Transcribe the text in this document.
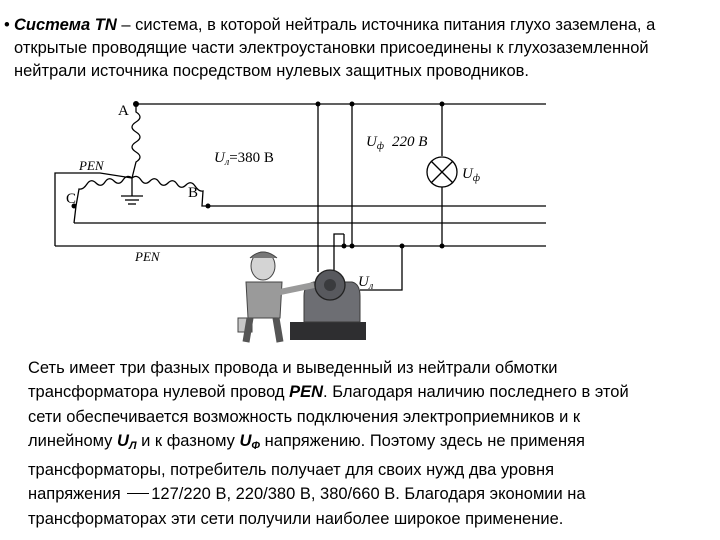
• Система TN – система, в которой нейтраль источника питания глухо заземлена, а
открытые проводящие части электроустановки присоединены к глухозаземленной
нейтрали источника посредством нулевых защитных проводников.
А
В
С
PEN
PEN
$U_л=380$ В
$U_ф$ 220 В
$U_ф$
$U_л$
Сеть имеет три фазных провода и выведенный из нейтрали обмотки
трансформатора нулевой провод PEN. Благодаря наличию последнего в этой
сети обеспечивается возможность подключения электроприемников и к
линейному $U_Л$ и к фазному $U_Ф$ напряжению. Поэтому здесь не применяя
трансформаторы, потребитель получает для своих нужд два уровня
напряжения 127/220 В, 220/380 В, 380/660 В. Благодаря экономии на
трансформаторах эти сети получили наиболее широкое применение.
